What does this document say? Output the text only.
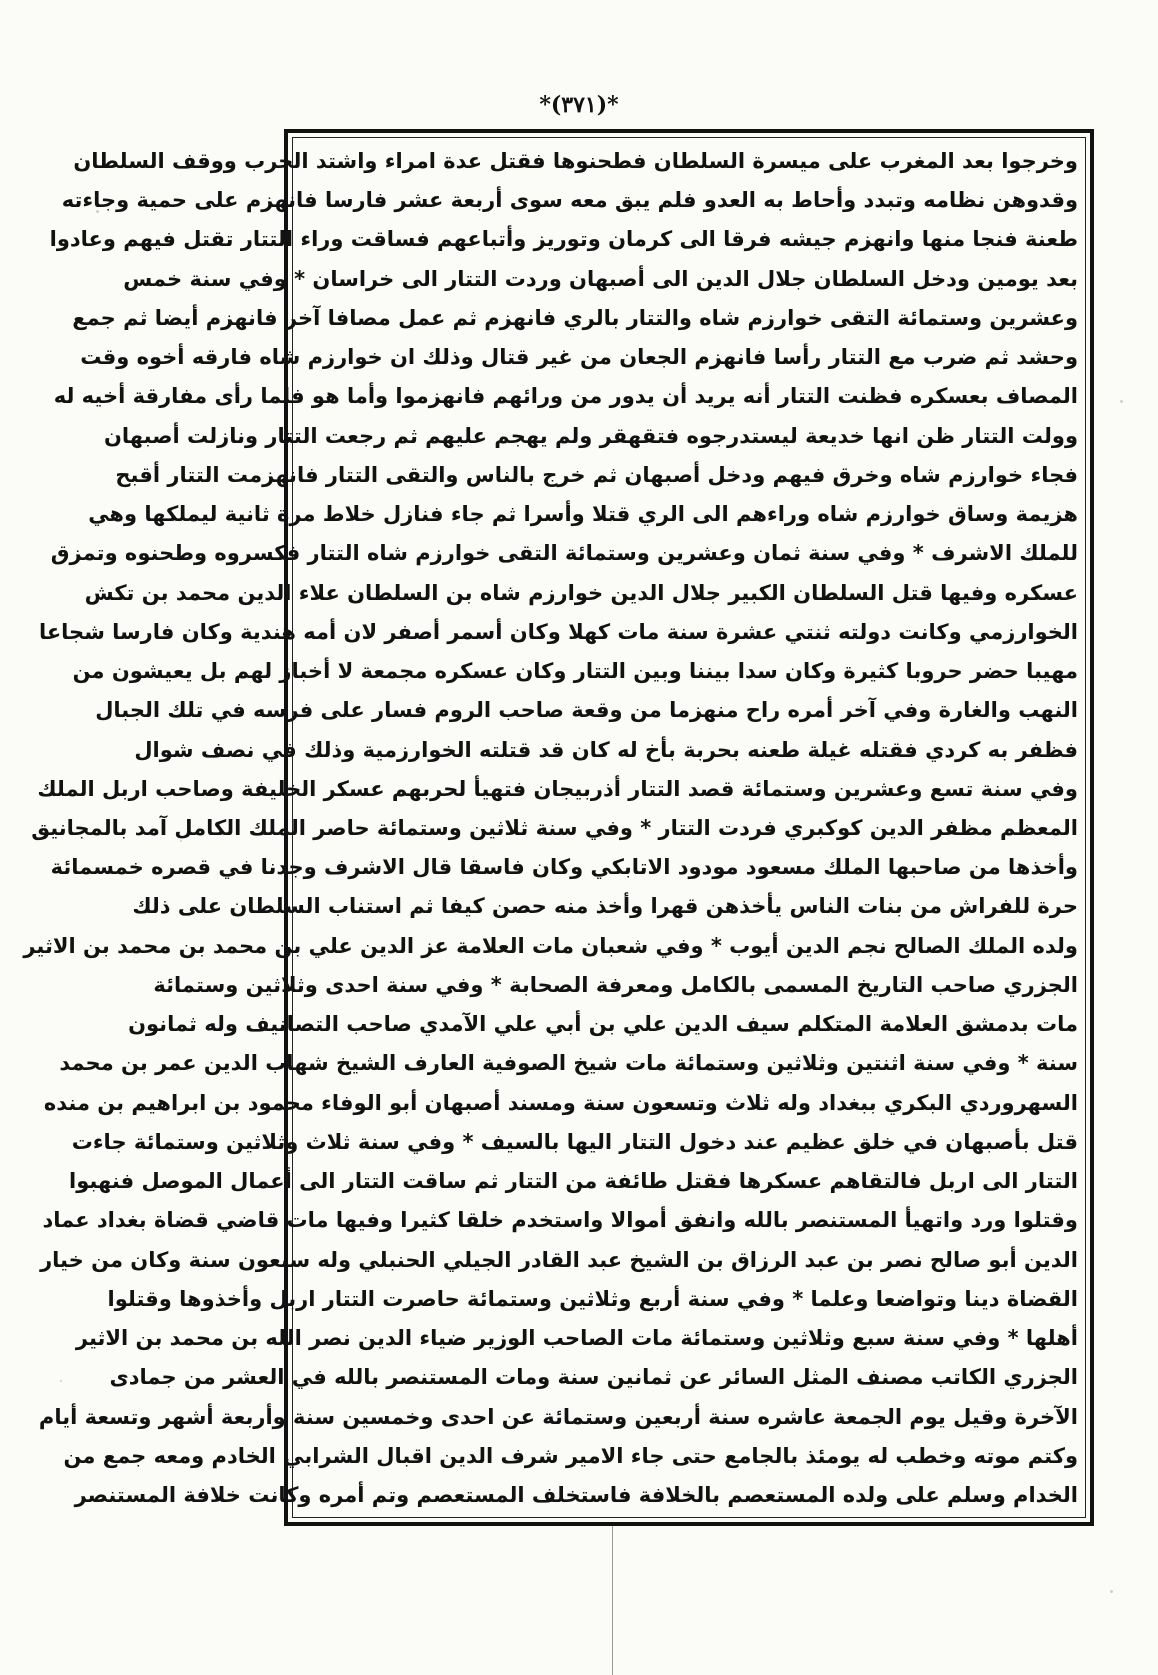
*(٣٧١)*
وخرجوا بعد المغرب على ميسرة السلطان فطحنوها فقتل عدة امراء واشتد الحرب ووقف السلطان
وقدوهن نظامه وتبدد وأحاط به العدو فلم يبق معه سوى أربعة عشر فارسا فانهزم على حمية وجاءته
طعنة فنجا منها وانهزم جيشه فرقا الى كرمان وتوريز وأتباعهم فساقت وراء التتار تقتل فيهم وعادوا
بعد يومين ودخل السلطان جلال الدين الى أصبهان وردت التتار الى خراسان * وفي سنة خمس
وعشرين وستمائة التقى خوارزم شاه والتتار بالري فانهزم ثم عمل مصافا آخر فانهزم أيضا ثم جمع
وحشد ثم ضرب مع التتار رأسا فانهزم الجعان من غير قتال وذلك ان خوارزم شاه فارقه أخوه وقت
المصاف بعسكره فظنت التتار أنه يريد أن يدور من ورائهم فانهزموا وأما هو فلما رأى مفارقة أخيه له
وولت التتار ظن انها خديعة ليستدرجوه فتقهقر ولم يهجم عليهم ثم رجعت التتار ونازلت أصبهان
فجاء خوارزم شاه وخرق فيهم ودخل أصبهان ثم خرج بالناس والتقى التتار فانهزمت التتار أقبح
هزيمة وساق خوارزم شاه وراءهم الى الري قتلا وأسرا ثم جاء فنازل خلاط مرة ثانية ليملكها وهي
للملك الاشرف * وفي سنة ثمان وعشرين وستمائة التقى خوارزم شاه التتار فكسروه وطحنوه وتمزق
عسكره وفيها قتل السلطان الكبير جلال الدين خوارزم شاه بن السلطان علاء الدين محمد بن تكش
الخوارزمي وكانت دولته ثنتي عشرة سنة مات كهلا وكان أسمر أصفر لان أمه هندية وكان فارسا شجاعا
مهيبا حضر حروبا كثيرة وكان سدا بيننا وبين التتار وكان عسكره مجمعة لا أخباز لهم بل يعيشون من
النهب والغارة وفي آخر أمره راح منهزما من وقعة صاحب الروم فسار على فرسه في تلك الجبال
فظفر به كردي فقتله غيلة طعنه بحربة بأخ له كان قد قتلته الخوارزمية وذلك في نصف شوال
وفي سنة تسع وعشرين وستمائة قصد التتار أذربيجان فتهيأ لحربهم عسكر الخليفة وصاحب اربل الملك
المعظم مظفر الدين كوكبري فردت التتار * وفي سنة ثلاثين وستمائة حاصر الملك الكامل آمد بالمجانيق
وأخذها من صاحبها الملك مسعود مودود الاتابكي وكان فاسقا قال الاشرف وجدنا في قصره خمسمائة
حرة للفراش من بنات الناس يأخذهن قهرا وأخذ منه حصن كيفا ثم استناب السلطان على ذلك
ولده الملك الصالح نجم الدين أيوب * وفي شعبان مات العلامة عز الدين علي بن محمد بن محمد بن الاثير
الجزري صاحب التاريخ المسمى بالكامل ومعرفة الصحابة * وفي سنة احدى وثلاثين وستمائة
مات بدمشق العلامة المتكلم سيف الدين علي بن أبي علي الآمدي صاحب التصانيف وله ثمانون
سنة * وفي سنة اثنتين وثلاثين وستمائة مات شيخ الصوفية العارف الشيخ شهاب الدين عمر بن محمد
السهروردي البكري ببغداد وله ثلاث وتسعون سنة ومسند أصبهان أبو الوفاء محمود بن ابراهيم بن منده
قتل بأصبهان في خلق عظيم عند دخول التتار اليها بالسيف * وفي سنة ثلاث وثلاثين وستمائة جاءت
التتار الى اربل فالتقاهم عسكرها فقتل طائفة من التتار ثم ساقت التتار الى أعمال الموصل فنهبوا
وقتلوا ورد واتهيأ المستنصر بالله وانفق أموالا واستخدم خلقا كثيرا وفيها مات قاضي قضاة بغداد عماد
الدين أبو صالح نصر بن عبد الرزاق بن الشيخ عبد القادر الجيلي الحنبلي وله سبعون سنة وكان من خيار
القضاة دينا وتواضعا وعلما * وفي سنة أربع وثلاثين وستمائة حاصرت التتار اربل وأخذوها وقتلوا
أهلها * وفي سنة سبع وثلاثين وستمائة مات الصاحب الوزير ضياء الدين نصر الله بن محمد بن الاثير
الجزري الكاتب مصنف المثل السائر عن ثمانين سنة ومات المستنصر بالله في العشر من جمادى
الآخرة وقيل يوم الجمعة عاشره سنة أربعين وستمائة عن احدى وخمسين سنة وأربعة أشهر وتسعة أيام
وكتم موته وخطب له يومئذ بالجامع حتى جاء الامير شرف الدين اقبال الشرابي الخادم ومعه جمع من
الخدام وسلم على ولده المستعصم بالخلافة فاستخلف المستعصم وتم أمره وكانت خلافة المستنصر
